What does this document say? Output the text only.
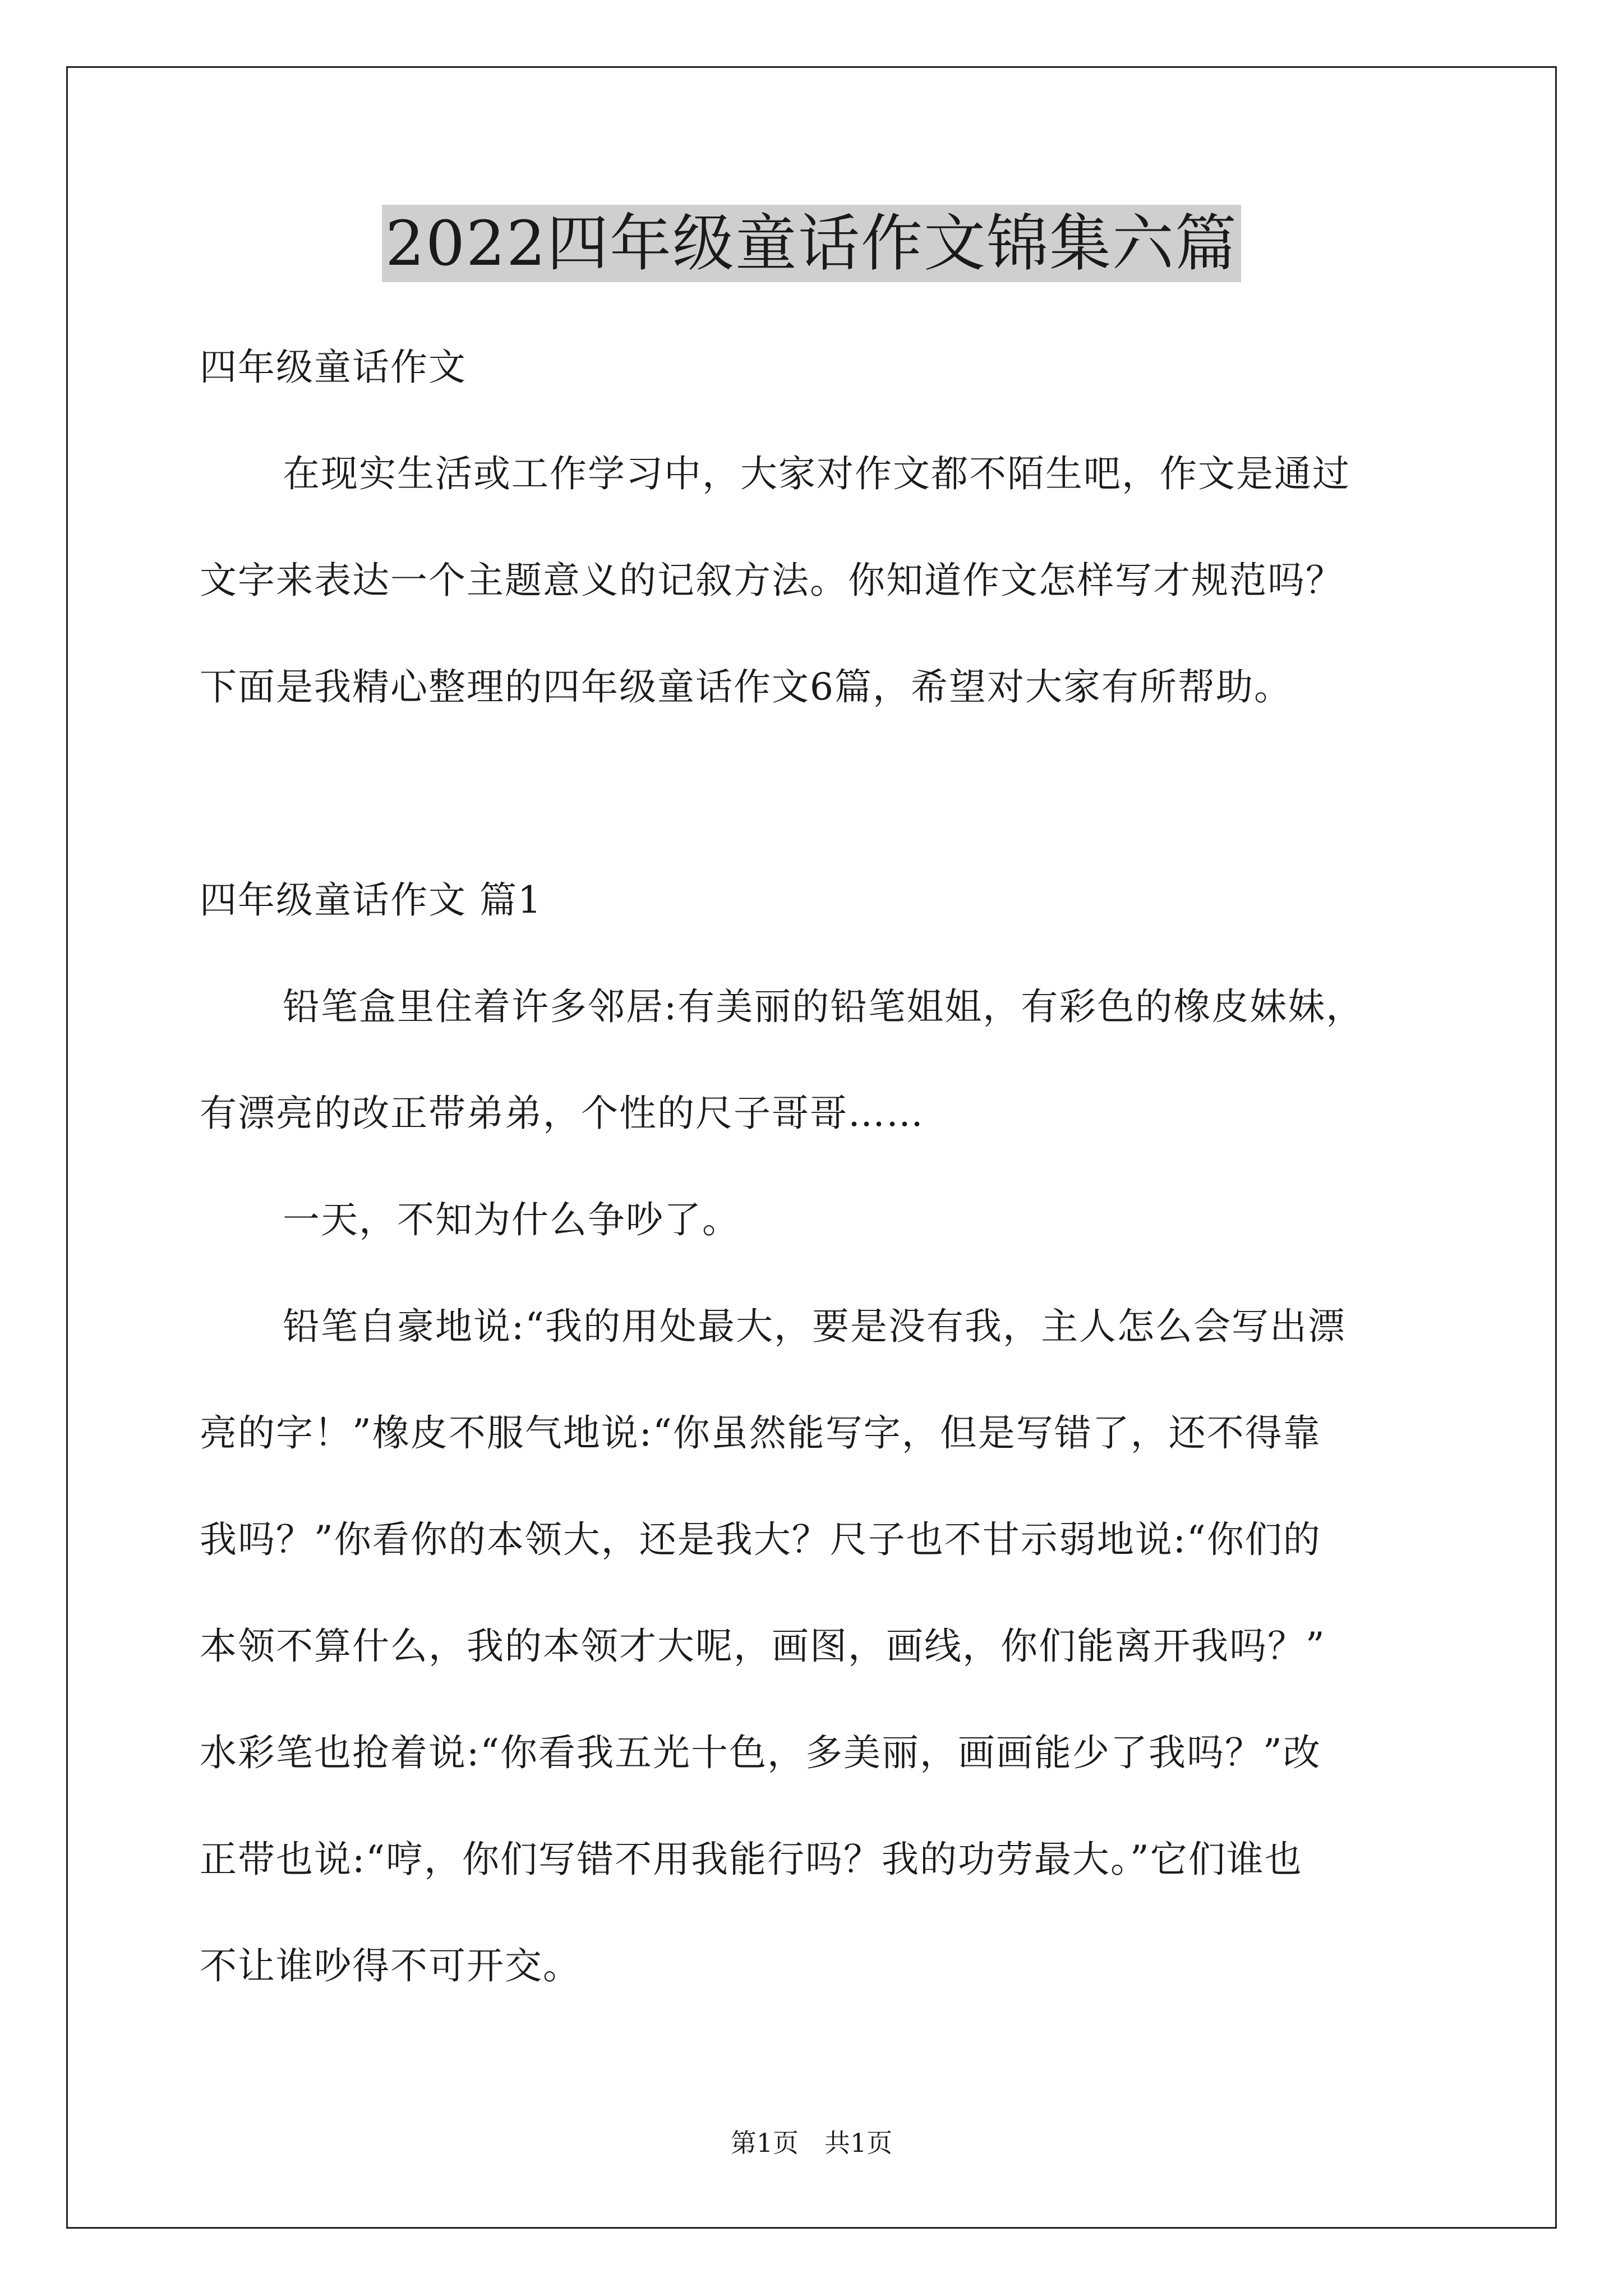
2022四年级童话作文锦集六篇
四年级童话作文
在现实生活或工作学习中，大家对作文都不陌生吧，作文是通过
文字来表达一个主题意义的记叙方法。你知道作文怎样写才规范吗？
下面是我精心整理的四年级童话作文6篇，希望对大家有所帮助。
四年级童话作文 篇1
铅笔盒里住着许多邻居:有美丽的铅笔姐姐，有彩色的橡皮妹妹，
有漂亮的改正带弟弟，个性的尺子哥哥……
一天，不知为什么争吵了。
铅笔自豪地说:“我的用处最大，要是没有我，主人怎么会写出漂
亮的字！”橡皮不服气地说:“你虽然能写字，但是写错了，还不得靠
我吗？”你看你的本领大，还是我大？尺子也不甘示弱地说:“你们的
本领不算什么，我的本领才大呢，画图，画线，你们能离开我吗？”
水彩笔也抢着说:“你看我五光十色，多美丽，画画能少了我吗？”改
正带也说:“哼，你们写错不用我能行吗？我的功劳最大。”它们谁也
不让谁吵得不可开交。
第1页 共1页
